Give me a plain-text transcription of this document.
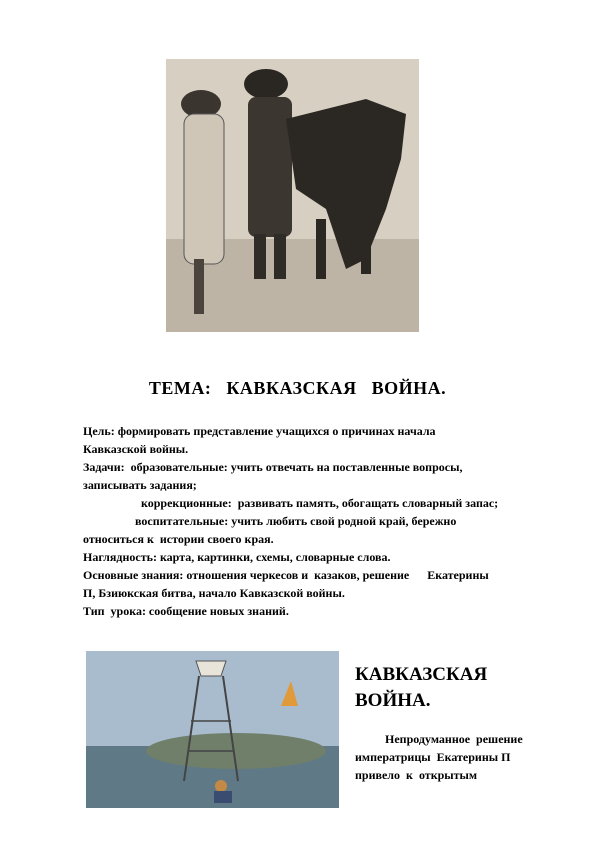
ТЕМА:   КАВКАЗСКАЯ   ВОЙНА.

Цель: формировать представление учащихся о причинах начала

Кавказской войны.

Задачи:  образовательные: учить отвечать на поставленные вопросы,

записывать задания;

коррекционные:  развивать память, обогащать словарный запас;

воспитательные: учить любить свой родной край, бережно

относиться к  истории своего края.

Наглядность: карта, картинки, схемы, словарные слова.

Основные знания: отношения черкесов и  казаков, решение      Екатерины

П, Бзиюкская битва, начало Кавказской войны.

Тип  урока: сообщение новых знаний.

КАВКАЗСКАЯ
ВОЙНА.
Непродуманное  решение
императрицы  Екатерины П
привело  к  открытым
